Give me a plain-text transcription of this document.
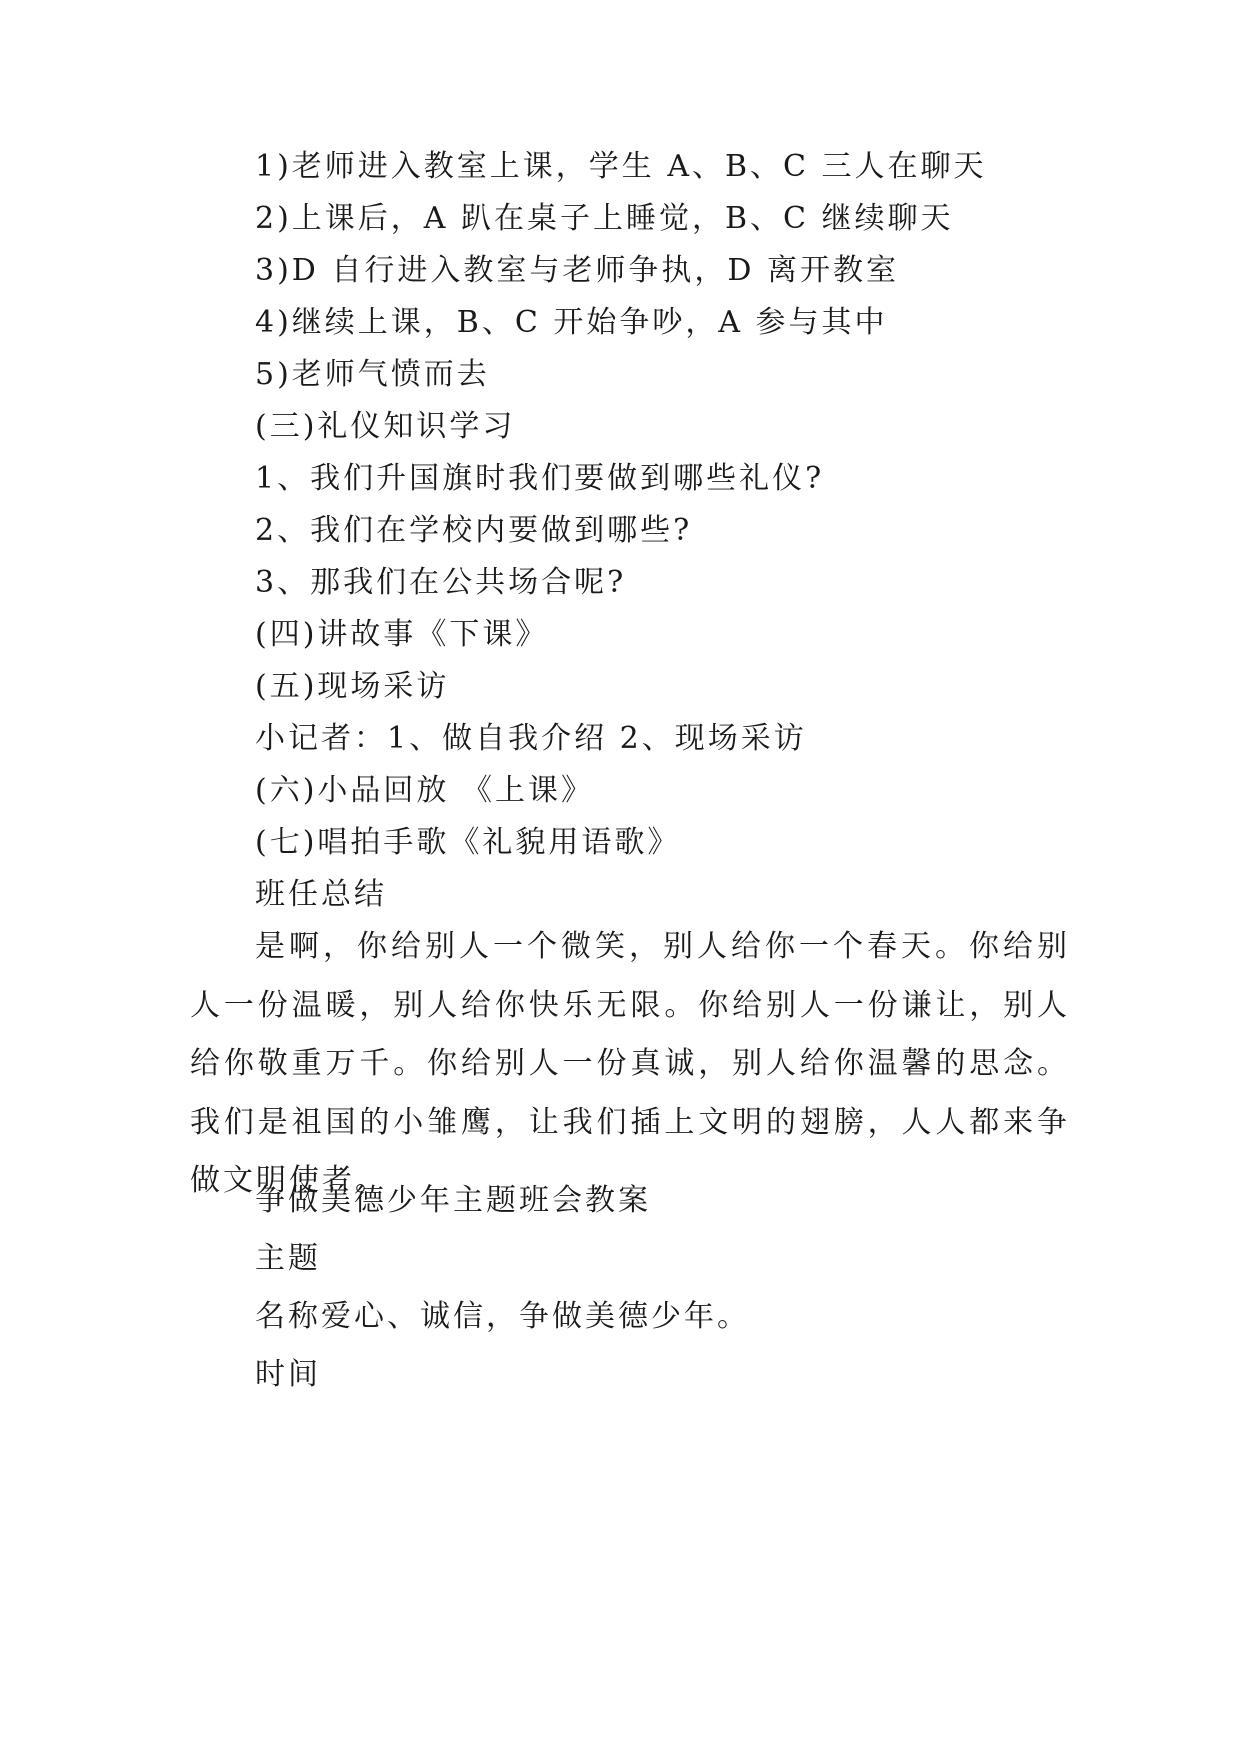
1)老师进入教室上课，学生 A、B、C 三人在聊天
2)上课后，A 趴在桌子上睡觉，B、C 继续聊天
3)D 自行进入教室与老师争执，D 离开教室
4)继续上课，B、C 开始争吵，A 参与其中
5)老师气愤而去
(三)礼仪知识学习
1、我们升国旗时我们要做到哪些礼仪?
2、我们在学校内要做到哪些?
3、那我们在公共场合呢?
(四)讲故事《下课》
(五)现场采访
小记者：1、做自我介绍 2、现场采访
(六)小品回放 《上课》
(七)唱拍手歌《礼貌用语歌》
班任总结
是啊，你给别人一个微笑，别人给你一个春天。你给别人一份温暖，别人给你快乐无限。你给别人一份谦让，别人给你敬重万千。你给别人一份真诚，别人给你温馨的思念。我们是祖国的小雏鹰，让我们插上文明的翅膀，人人都来争做文明使者。
争做美德少年主题班会教案
主题
名称爱心、诚信，争做美德少年。
时间
